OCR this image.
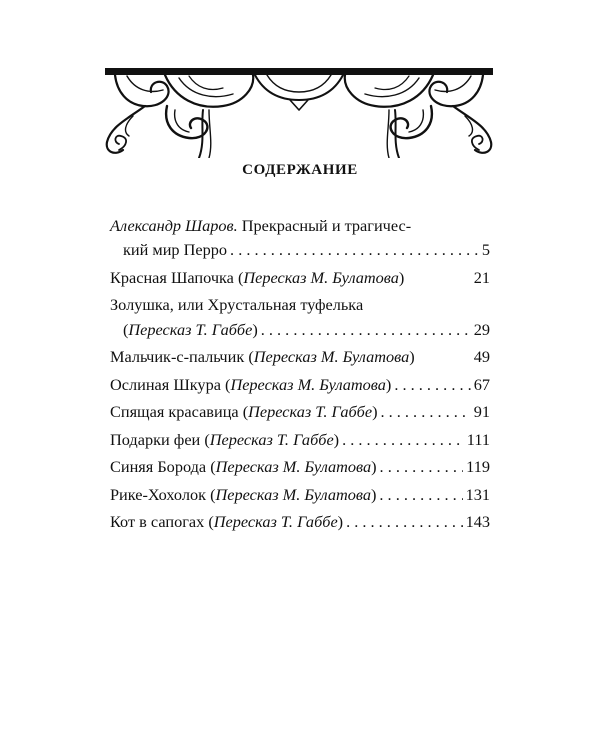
СОДЕРЖАНИЕ
Александр Шаров. Прекрасный и трагичес-
кий мир Перро . . .	5
Красная Шапочка (Пересказ М. Булатова)	21
Золушка, или Хрустальная туфелька
(Пересказ Т. Габбе) . . .	29
Мальчик-с-пальчик (Пересказ М. Булатова)	49
Ослиная Шкура (Пересказ М. Булатова) . . .	67
Спящая красавица (Пересказ Т. Габбе) . . .	91
Подарки феи (Пересказ Т. Габбе) . . .	111
Синяя Борода (Пересказ М. Булатова) . . .	119
Рике-Хохолок (Пересказ М. Булатова) . . .	131
Кот в сапогах (Пересказ Т. Габбе) . . .	143
